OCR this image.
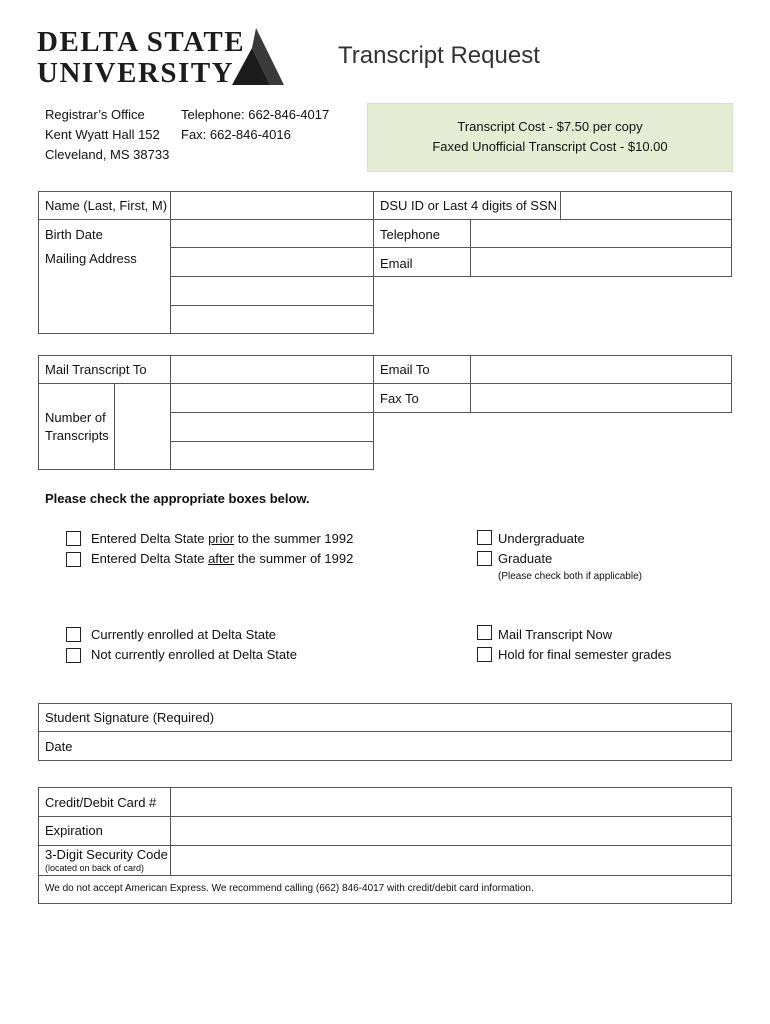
DELTA STATE
UNIVERSITY
Transcript Request
Registrar’s Office
Kent Wyatt Hall 152
Cleveland, MS 38733
Telephone: 662-846-4017
Fax: 662-846-4016
Transcript Cost - $7.50 per copy
Faxed Unofficial Transcript Cost - $10.00
Name (Last, First, M)	DSU ID or Last 4 digits of SSN
Birth Date
Mailing Address
Telephone
Email
Mail Transcript To
Number of
Transcripts
Email To
Fax To
Please check the appropriate boxes below.
Entered Delta State prior to the summer 1992
Entered Delta State after the summer of 1992
Undergraduate
Graduate
(Please check both if applicable)
Currently enrolled at Delta State
Not currently enrolled at Delta State
Mail Transcript Now
Hold for final semester grades
Student Signature (Required)
Date
Credit/Debit Card #
Expiration
3-Digit Security Code
(located on back of card)
We do not accept American Express. We recommend calling (662) 846-4017 with credit/debit card information.
